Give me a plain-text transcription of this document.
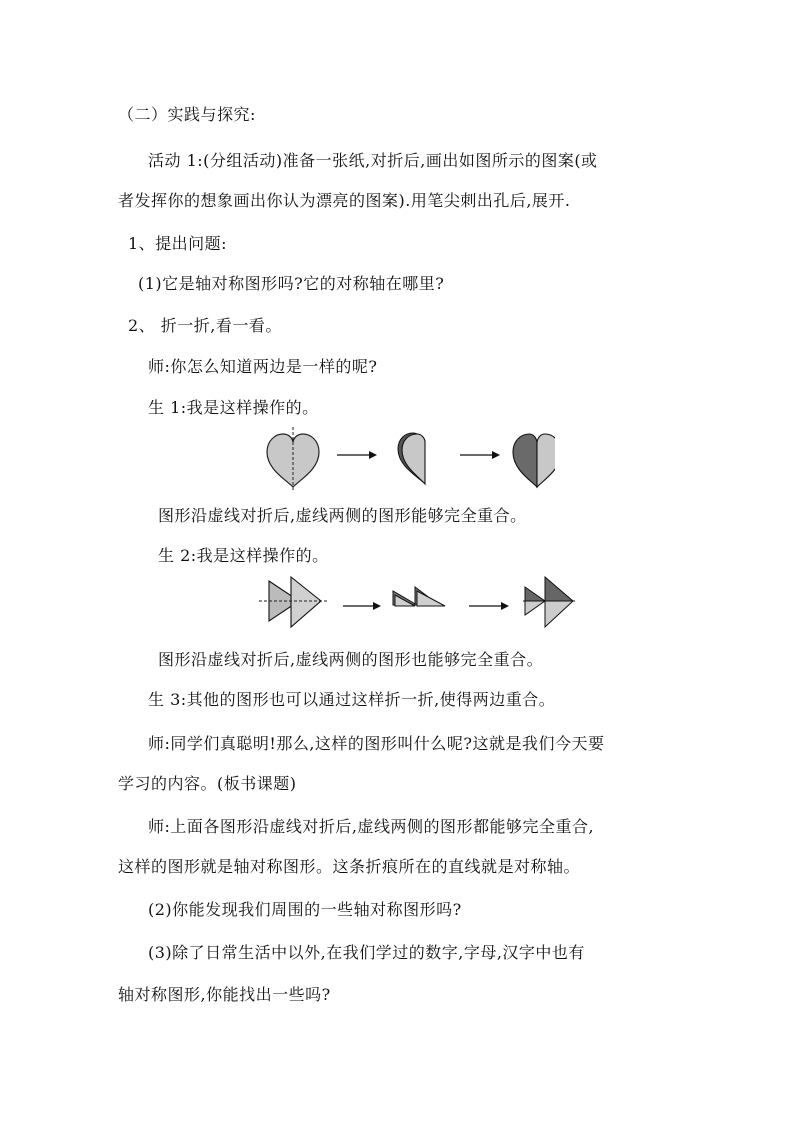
（二）实践与探究:
活动 1:(分组活动)准备一张纸,对折后,画出如图所示的图案(或
者发挥你的想象画出你认为漂亮的图案).用笔尖刺出孔后,展开.
1、提出问题:
(1)它是轴对称图形吗?它的对称轴在哪里?
2、 折一折,看一看。
师:你怎么知道两边是一样的呢?
生 1:我是这样操作的。
图形沿虚线对折后,虚线两侧的图形能够完全重合。
生 2:我是这样操作的。
图形沿虚线对折后,虚线两侧的图形也能够完全重合。
生 3:其他的图形也可以通过这样折一折,使得两边重合。
师:同学们真聪明!那么,这样的图形叫什么呢?这就是我们今天要
学习的内容。(板书课题)
师:上面各图形沿虚线对折后,虚线两侧的图形都能够完全重合,
这样的图形就是轴对称图形。这条折痕所在的直线就是对称轴。
(2)你能发现我们周围的一些轴对称图形吗?
(3)除了日常生活中以外,在我们学过的数字,字母,汉字中也有
轴对称图形,你能找出一些吗?
